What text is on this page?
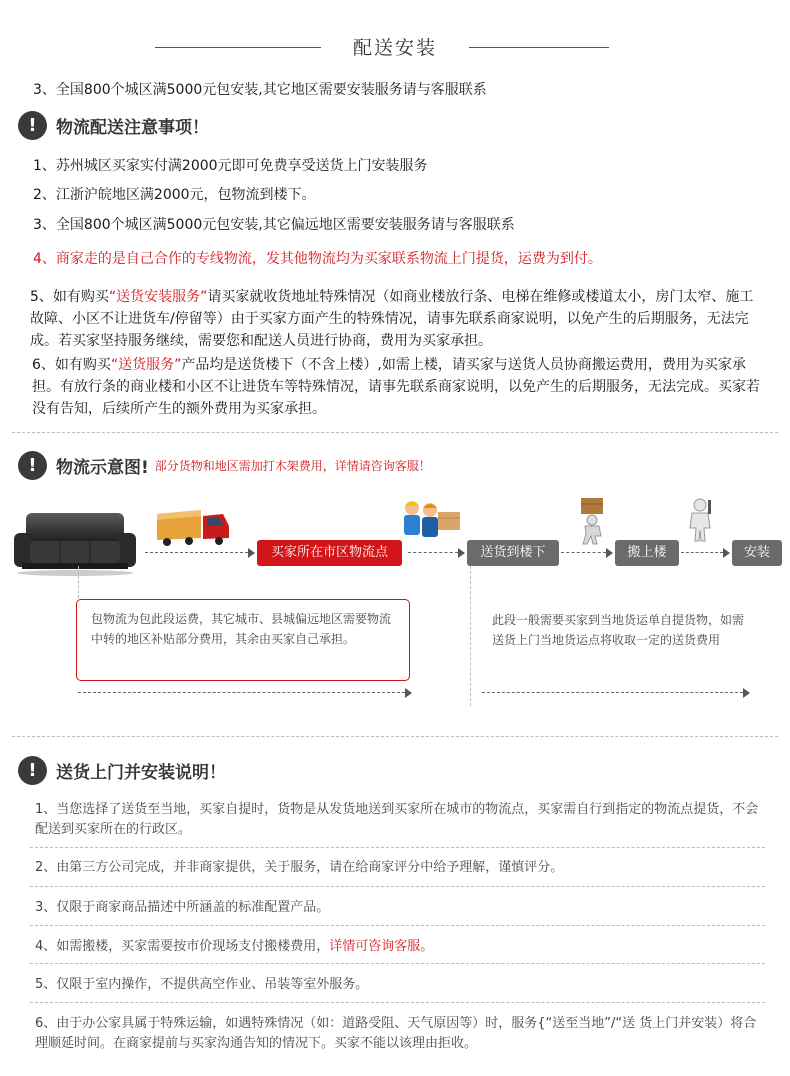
配送安装
3、全国800个城区满5000元包安装,其它地区需要安装服务请与客服联系
!	物流配送注意事项！
1、苏州城区买家实付满2000元即可免费享受送货上门安装服务
2、江浙沪皖地区满2000元，包物流到楼下。
3、全国800个城区满5000元包安装,其它偏远地区需要安装服务请与客服联系
4、商家走的是自己合作的专线物流，发其他物流均为买家联系物流上门提货，运费为到付。
5、如有购买“送货安装服务”请买家就收货地址特殊情况（如商业楼放行条、电梯在维修或楼道太小，房门太窄、施工故障、小区不让进货车/停留等）由于买家方面产生的特殊情况，请事先联系商家说明，以免产生的后期服务，无法完成。若买家坚持服务继续，需要您和配送人员进行协商，费用为买家承担。
6、如有购买“送货服务”产品均是送货楼下（不含上楼）,如需上楼，请买家与送货人员协商搬运费用，费用为买家承担。有放行条的商业楼和小区不让进货车等特殊情况，请事先联系商家说明，以免产生的后期服务，无法完成。买家若没有告知，后续所产生的额外费用为买家承担。
!	物流示意图! 部分货物和地区需加打木架费用，详情请咨询客服！
买家所在市区物流点	送货到楼下	搬上楼	安装
包物流为包此段运费，其它城市、县城偏远地区需要物流中转的地区补贴部分费用，其余由买家自己承担。
此段一般需要买家到当地货运单自提货物，如需送货上门当地货运点将收取一定的送货费用
!	送货上门并安装说明！
1、当您选择了送货至当地，买家自提时，货物是从发货地送到买家所在城市的物流点，买家需自行到指定的物流点提货，不会配送到买家所在的行政区。
2、由第三方公司完成，并非商家提供，关于服务，请在给商家评分中给予理解，谨慎评分。
3、仅限于商家商品描述中所涵盖的标准配置产品。
4、如需搬楼，买家需要按市价现场支付搬楼费用，详情可咨询客服。
5、仅限于室内操作，不提供高空作业、吊装等室外服务。
6、由于办公家具属于特殊运输，如遇特殊情况（如：道路受阻、天气原因等）时，服务{“送至当地”/“送 货上门并安装）将合理顺延时间。在商家提前与买家沟通告知的情况下。买家不能以该理由拒收。
